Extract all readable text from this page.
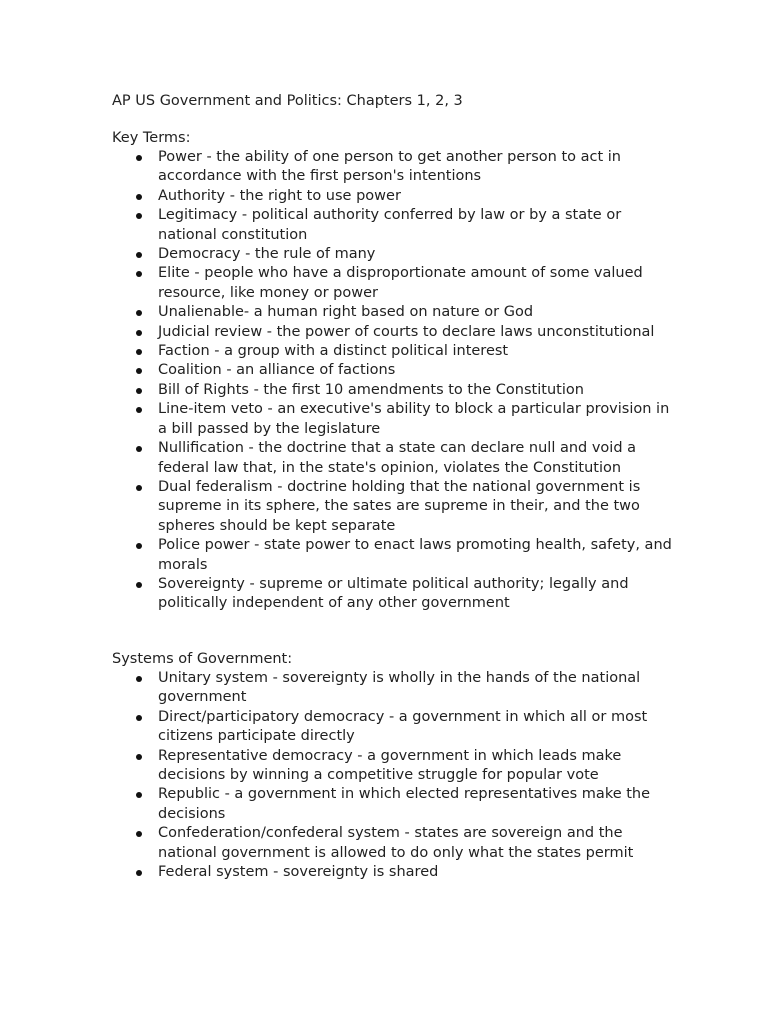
AP US Government and Politics: Chapters 1, 2, 3
Key Terms:
Power - the ability of one person to get another person to act in accordance with the first person's intentions
Authority - the right to use power
Legitimacy - political authority conferred by law or by a state or national constitution
Democracy - the rule of many
Elite - people who have a disproportionate amount of some valued resource, like money or power
Unalienable- a human right based on nature or God
Judicial review - the power of courts to declare laws unconstitutional
Faction - a group with a distinct political interest
Coalition - an alliance of factions
Bill of Rights - the first 10 amendments to the Constitution
Line-item veto - an executive's ability to block a particular provision in a bill passed by the legislature
Nullification - the doctrine that a state can declare null and void a federal law that, in the state's opinion, violates the Constitution
Dual federalism - doctrine holding that the national government is supreme in its sphere, the sates are supreme in their, and the two spheres should be kept separate
Police power - state power to enact laws promoting health, safety, and morals
Sovereignty - supreme or ultimate political authority; legally and politically independent of any other government
Systems of Government:
Unitary system - sovereignty is wholly in the hands of the national government
Direct/participatory democracy - a government in which all or most citizens participate directly
Representative democracy - a government in which leads make decisions by winning a competitive struggle for popular vote
Republic - a government in which elected representatives make the decisions
Confederation/confederal system - states are sovereign and the national government is allowed to do only what the states permit
Federal system - sovereignty is shared
